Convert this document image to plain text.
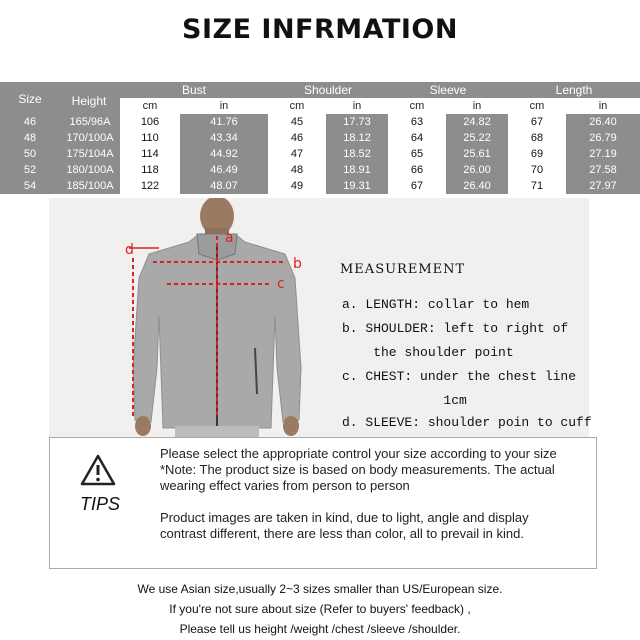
SIZE INFRMATION
Size	Height
Bust	Shoulder	Sleeve	Length
cm	in	cm	in	cm	in	cm	in
46	165/96A	106	41.76	45	17.73	63	24.82	67	26.40
48	170/100A	110	43.34	46	18.12	64	25.22	68	26.79
50	175/104A	114	44.92	47	18.52	65	25.61	69	27.19
52	180/100A	118	46.49	48	18.91	66	26.00	70	27.58
54	185/100A	122	48.07	49	19.31	67	26.40	71	27.97
a
b
c
d
MEASUREMENT
a. LENGTH: collar to hem
b. SHOULDER: left to right of
the shoulder point
c. CHEST: under the chest line
1cm
d. SLEEVE: shoulder poin to cuff
TIPS
Please select the appropriate control your size according to your size
*Note: The product size is based on body measurements. The actual
wearing effect varies from person to person
Product images are taken in kind, due to light, angle and display
contrast different, there are less than color, all to prevail in kind.
We use Asian size,usually 2~3 sizes smaller than US/European size.
If you're not sure about size (Refer to buyers' feedback) ,
Please tell us height /weight /chest /sleeve /shoulder.
